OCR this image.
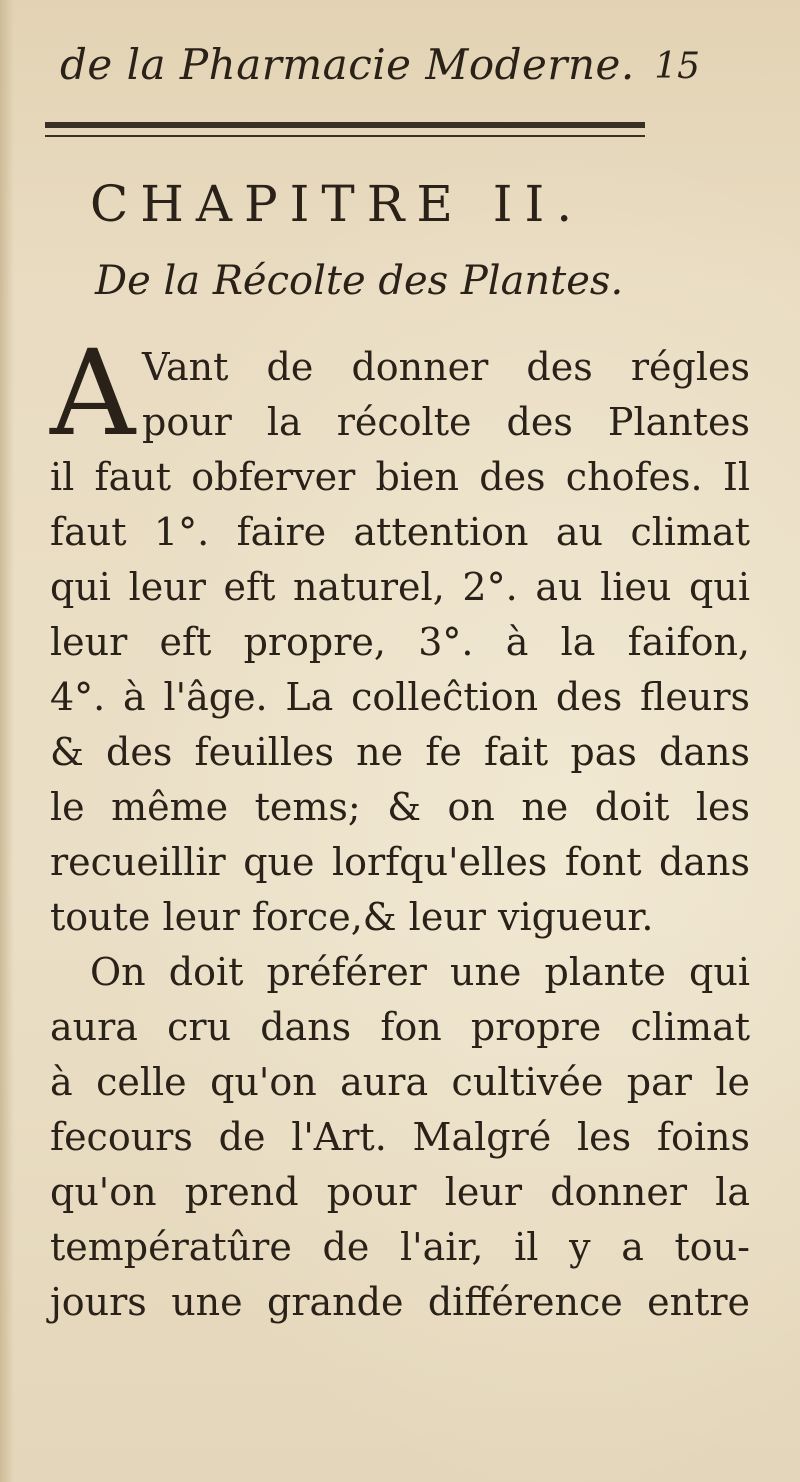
de la Pharmacie Moderne. 15
CHAPITRE II.
De la Récolte des Plantes.
A Vant de donner des régles
pour la récolte des Plantes
il faut obferver bien des chofes. Il
faut 1°. faire attention au climat
qui leur eft naturel, 2°. au lieu qui
leur eft propre, 3°. à la faifon,
4°. à l'âge. La colleĉtion des fleurs
& des feuilles ne fe fait pas dans
le même tems; & on ne doit les
recueillir que lorfqu'elles font dans
toute leur force,& leur vigueur.
On doit préférer une plante qui
aura cru dans fon propre climat
à celle qu'on aura cultivée par le
fecours de l'Art. Malgré les foins
qu'on prend pour leur donner la
températûre de l'air, il y a tou-
jours une grande différence entre
